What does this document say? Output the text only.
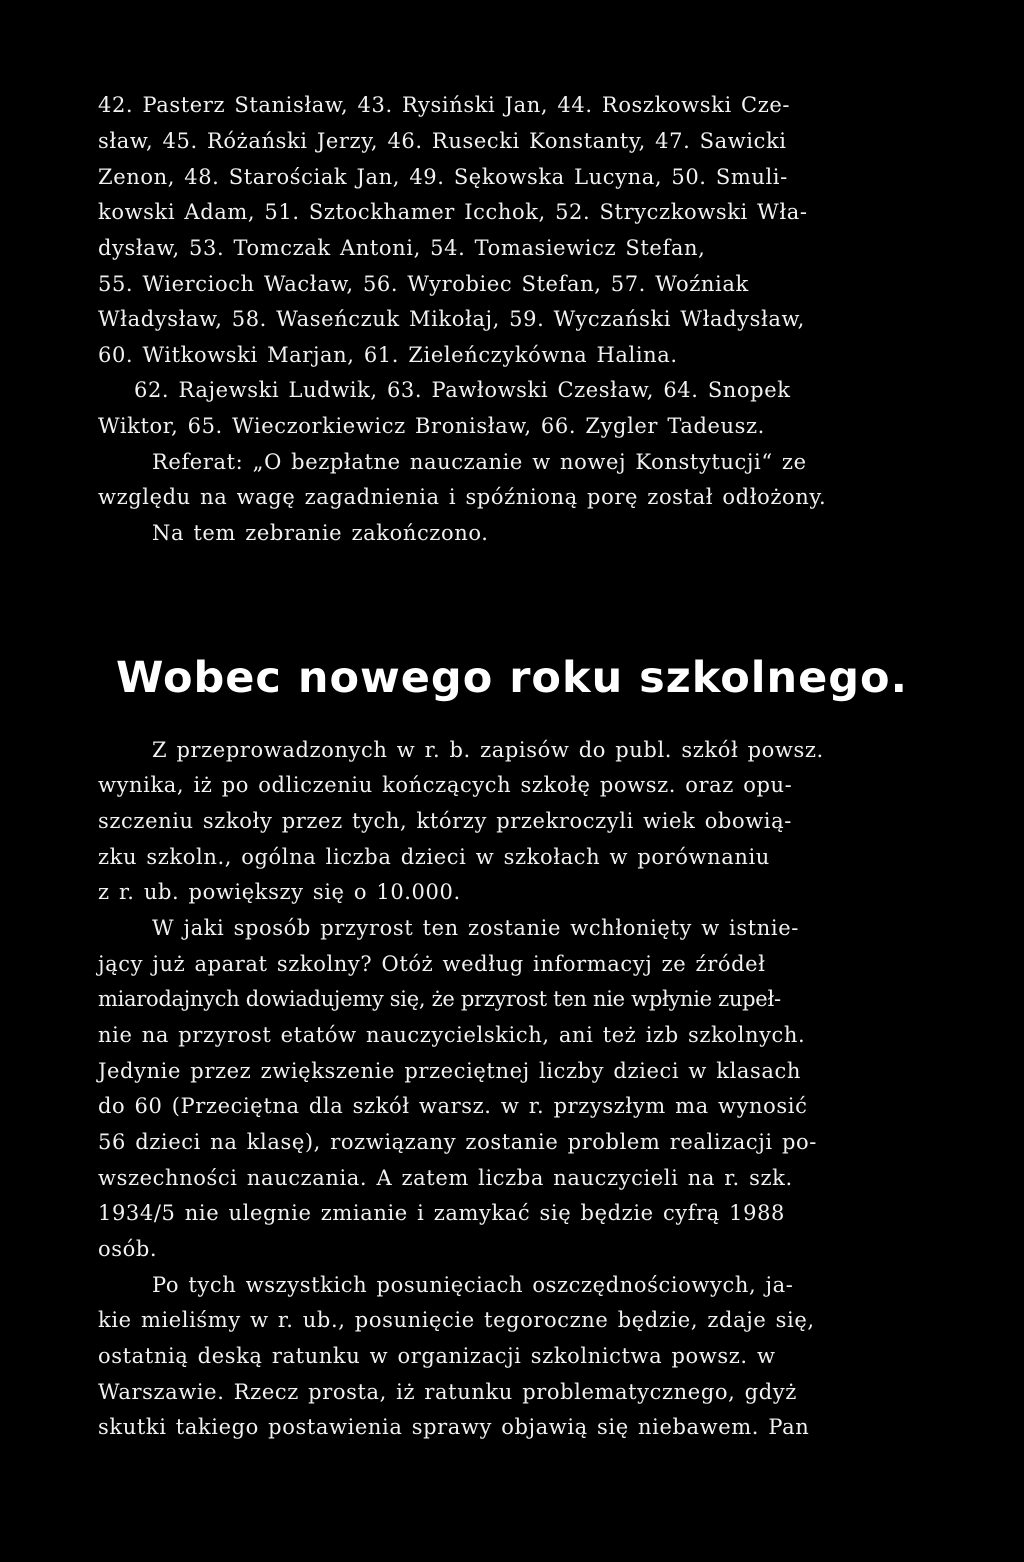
42. Pasterz Stanisław, 43. Rysiński Jan, 44. Roszkowski Cze-
sław, 45. Różański Jerzy, 46. Rusecki Konstanty, 47. Sawicki
Zenon, 48. Starościak Jan, 49. Sękowska Lucyna, 50. Smuli-
kowski Adam, 51. Sztockhamer Icchok, 52. Stryczkowski Wła-
dysław, 53. Tomczak Antoni, 54. Tomasiewicz Stefan,
55. Wiercioch Wacław, 56. Wyrobiec Stefan, 57. Woźniak
Władysław, 58. Waseńczuk Mikołaj, 59. Wyczański Władysław,
60. Witkowski Marjan, 61. Zieleńczykówna Halina.
62. Rajewski Ludwik, 63. Pawłowski Czesław, 64. Snopek
Wiktor, 65. Wieczorkiewicz Bronisław, 66. Zygler Tadeusz.
Referat: „O bezpłatne nauczanie w nowej Konstytucji“ ze
względu na wagę zagadnienia i spóźnioną porę został odłożony.
Na tem zebranie zakończono.
Wobec nowego roku szkolnego.
Z przeprowadzonych w r. b. zapisów do publ. szkół powsz.
wynika, iż po odliczeniu kończących szkołę powsz. oraz opu-
szczeniu szkoły przez tych, którzy przekroczyli wiek obowią-
zku szkoln., ogólna liczba dzieci w szkołach w porównaniu
z r. ub. powiększy się o 10.000.
W jaki sposób przyrost ten zostanie wchłonięty w istnie-
jący już aparat szkolny? Otóż według informacyj ze źródeł
miarodajnych dowiadujemy się, że przyrost ten nie wpłynie zupeł-
nie na przyrost etatów nauczycielskich, ani też izb szkolnych.
Jedynie przez zwiększenie przeciętnej liczby dzieci w klasach
do 60 (Przeciętna dla szkół warsz. w r. przyszłym ma wynosić
56 dzieci na klasę), rozwiązany zostanie problem realizacji po-
wszechności nauczania. A zatem liczba nauczycieli na r. szk.
1934/5 nie ulegnie zmianie i zamykać się będzie cyfrą 1988
osób.
Po tych wszystkich posunięciach oszczędnościowych, ja-
kie mieliśmy w r. ub., posunięcie tegoroczne będzie, zdaje się,
ostatnią deską ratunku w organizacji szkolnictwa powsz. w
Warszawie. Rzecz prosta, iż ratunku problematycznego, gdyż
skutki takiego postawienia sprawy objawią się niebawem. Pan
